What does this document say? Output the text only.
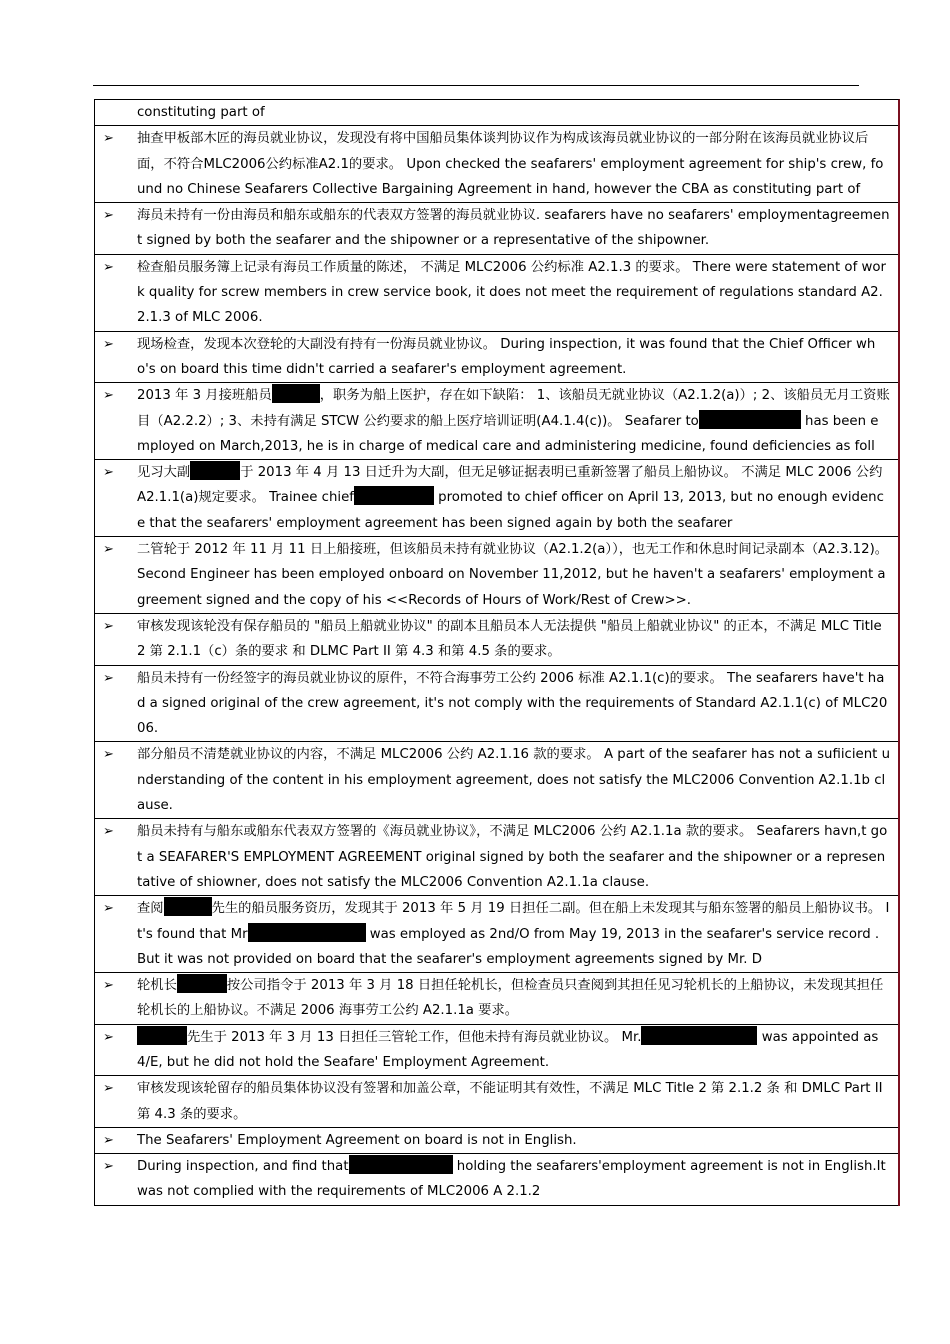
constituting part of
➢ 抽查甲板部木匠的海员就业协议，发现没有将中国船员集体谈判协议作为构成该海员就业协议的一部分附在该海员就业协议后面，不符合MLC2006公约标准A2.1的要求。 Upon checked the seafarers' employment agreement for ship's crew, found no Chinese Seafarers Collective Bargaining Agreement in hand, however the CBA as constituting part of
➢ 海员未持有一份由海员和船东或船东的代表双方签署的海员就业协议. seafarers have no seafarers' employmentagreement signed by both the seafarer and the shipowner or a representative of the shipowner.
➢ 检查船员服务簿上记录有海员工作质量的陈述， 不满足 MLC2006 公约标准 A2.1.3 的要求。 There were statement of work quality for screw members in crew service book, it does not meet the requirement of regulations standard A2.2.1.3 of MLC 2006.
➢ 现场检查，发现本次登轮的大副没有持有一份海员就业协议。 During inspection, it was found that the Chief Officer who's on board this time didn't carried a seafarer's employment agreement.
➢ 2013 年 3 月接班船员	，职务为船上医护，存在如下缺陷： 1、该船员无就业协议（A2.1.2(a)）; 2、该船员无月工资账目（A2.2.2）; 3、未持有满足 STCW 公约要求的船上医疗培训证明(A4.1.4(c))。 Seafarer to	has been employed on March,2013, he is in charge of medical care and administering medicine, found deficiencies as foll
➢ 见习大副	于 2013 年 4 月 13 日迁升为大副，但无足够证据表明已重新签署了船员上船协议。 不满足 MLC 2006 公约 A2.1.1(a)规定要求。 Trainee chief	promoted to chief officer on April 13, 2013, but no enough evidence that the seafarers' employment agreement has been signed again by both the seafarer
➢ 二管轮于 2012 年 11 月 11 日上船接班，但该船员未持有就业协议（A2.1.2(a）），也无工作和休息时间记录副本（A2.3.12)。 Second Engineer has been employed onboard on November 11,2012, but he haven't a seafarers' employment agreement signed and the copy of his <<Records of Hours of Work/Rest of Crew>>.
➢ 审核发现该轮没有保存船员的 "船员上船就业协议" 的副本且船员本人无法提供 "船员上船就业协议" 的正本，不满足 MLC Title 2 第 2.1.1（c）条的要求 和 DLMC Part II 第 4.3 和第 4.5 条的要求。
➢ 船员未持有一份经签字的海员就业协议的原件，不符合海事劳工公约 2006 标准 A2.1.1(c)的要求。 The seafarers have't had a signed original of the crew agreement, it's not comply with the requirements of Standard A2.1.1(c) of MLC2006.
➢ 部分船员不清楚就业协议的内容，不满足 MLC2006 公约 A2.1.16 款的要求。 A part of the seafarer has not a sufiicient understanding of the content in his employment agreement, does not satisfy the MLC2006 Convention A2.1.1b clause.
➢ 船员未持有与船东或船东代表双方签署的《海员就业协议》，不满足 MLC2006 公约 A2.1.1a 款的要求。 Seafarers havn,t got a SEAFARER'S EMPLOYMENT AGREEMENT original signed by both the seafarer and the shipowner or a representative of shiowner, does not satisfy the MLC2006 Convention A2.1.1a clause.
➢ 查阅	先生的船员服务资历，发现其于 2013 年 5 月 19 日担任二副。但在船上未发现其与船东签署的船员上船协议书。 It's found that Mr	was employed as 2nd/O from May 19, 2013 in the seafarer's service record . But it was not provided on board that the seafarer's employment agreements signed by Mr. D
➢ 轮机长	按公司指令于 2013 年 3 月 18 日担任轮机长，但检查员只查阅到其担任见习轮机长的上船协议，未发现其担任轮机长的上船协议。不满足 2006 海事劳工公约 A2.1.1a 要求。
➢	先生于 2013 年 3 月 13 日担任三管轮工作，但他未持有海员就业协议。 Mr.	was appointed as 4/E, but he did not hold the Seafare' Employment Agreement.
➢ 审核发现该轮留存的船员集体协议没有签署和加盖公章，不能证明其有效性，不满足 MLC Title 2 第 2.1.2 条 和 DMLC Part II 第 4.3 条的要求。
➢ The Seafarers' Employment Agreement on board is not in English.
➢ During inspection, and find that	holding the seafarers'employment agreement is not in English.It was not complied with the requirements of MLC2006 A 2.1.2
